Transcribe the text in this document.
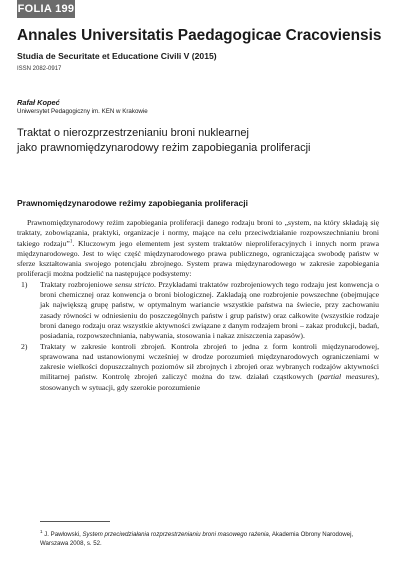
FOLIA 199
Annales Universitatis Paedagogicae Cracoviensis
Studia de Securitate et Educatione Civili V (2015)
ISSN 2082-0917
Rafał Kopeć
Uniwersytet Pedagogiczny im. KEN w Krakowie
Traktat o nierozprzestrzenianiu broni nuklearnej
jako prawnomiędzynarodowy reżim zapobiegania proliferacji
Prawnomiędzynarodowe reżimy zapobiegania proliferacji

Prawnomiędzynarodowy reżim zapobiegania proliferacji danego rodzaju broni to „system, na który składają się traktaty, zobowiązania, praktyki, organizacje i normy, mające na celu przeciwdziałanie rozpowszechnianiu broni takiego rodzaju”$^1$. Kluczowym jego elementem jest system traktatów nieproliferacyjnych i innych norm prawa międzynarodowego. Jest to więc część międzynarodowego prawa publicznego, ograniczająca swobodę państw w sferze kształtowania swojego potencjału zbrojnego. System prawa międzynarodowego w zakresie zapobiegania proliferacji można podzielić na następujące podsystemy:

1) Traktaty rozbrojeniowe sensu stricto. Przykładami traktatów rozbrojeniowych tego rodzaju jest konwencja o broni chemicznej oraz konwencja o broni biologicznej. Zakładają one rozbrojenie powszechne (obejmujące jak największą grupę państw, w optymalnym wariancie wszystkie państwa na świecie, przy zachowaniu zasady równości w odniesieniu do poszczególnych państw i grup państw) oraz całkowite (wszystkie rodzaje broni danego rodzaju oraz wszystkie aktywności związane z danym rodzajem broni – zakaz produkcji, badań, posiadania, rozpowszechniania, nabywania, stosowania i nakaz zniszczenia zapasów).
2) Traktaty w zakresie kontroli zbrojeń. Kontrola zbrojeń to jedna z form kontroli międzynarodowej, sprawowana nad ustanowionymi wcześniej w drodze porozumień międzynarodowych ograniczeniami w zakresie wielkości dopuszczalnych poziomów sił zbrojnych i zbrojeń oraz wybranych rodzajów aktywności militarnej państw. Kontrolę zbrojeń zaliczyć można do tzw. działań cząstkowych (partial measures), stosowanych w sytuacji, gdy szerokie porozumienie
$^1$ J. Pawłowski, System przeciwdziałania rozprzestrzenianiu broni masowego rażenia, Akademia Obrony Narodowej, Warszawa 2008, s. 52.
